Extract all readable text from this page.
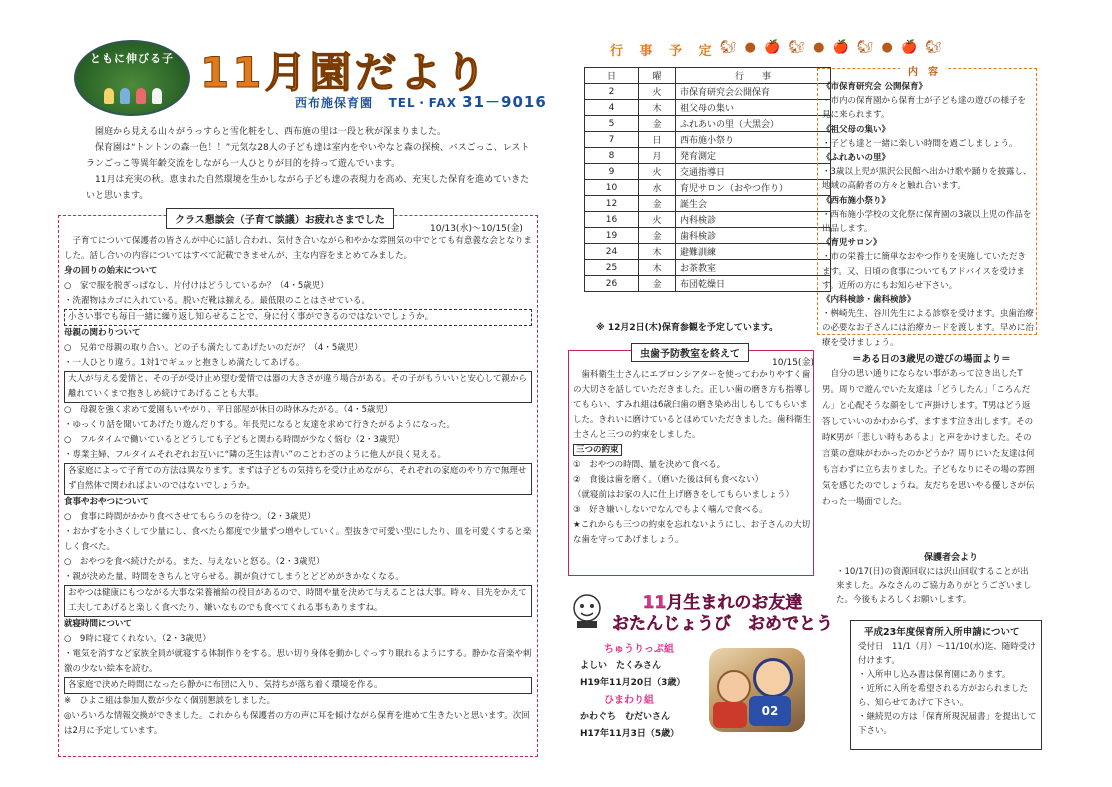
ともに伸びる子 11月園だより
西布施保育園 TEL・FAX 31－9016

園庭から見える山々がうっすらと雪化粧をし、西布施の里は一段と秋が深まりました。

保育園は“トントンの森一色！！”元気な28人の子ども達は室内をやいやなと森の探検、バスごっこ、レストランごっこ等異年齢交流をしながら一人ひとりが目的を持って遊んでいます。

11月は充実の秋。恵まれた自然環境を生かしながら子ども達の表現力を高め、充実した保育を進めていきたいと思います。

クラス懇談会（子育て談議）お疲れさまでした
10/13(水)〜10/15(金)
子育てについて保護者の皆さんが中心に話し合われ、気付き合いながら和やかな雰囲気の中でとても有意義な会となりました。話し合いの内容についてはすべて記載できませんが、主な内容をまとめてみました。
身の回りの始末について
○　家で服を脱ぎっぱなし、片付けはどうしているか？（4・5歳児）
・洗濯物はカゴに入れている。脱いだ靴は揃える。最低限のことはさせている。
小さい事でも毎日一緒に繰り返し知らせることで、身に付く事ができるのではないでしょうか。
母親の関わりついて
○　兄弟で母親の取り合い。どの子も満たしてあげたいのだが？（4・5歳児）
・一人ひとり違う。1対1でギュッと抱きしめ満たしてあげる。
大人が与える愛情と、その子が受け止め望む愛情では器の大きさが違う場合がある。その子がもういいと安心して親から離れていくまで抱きしめ続けてあげることも大事。
○　母親を強く求めて愛園もいやがり、平日部屋が休日の時休みたがる。（4・5歳児）
・ゆっくり話を聞いてあげたり遊んだりする。年長児になると友達を求めて行きたがるようになった。
○　フルタイムで働いているとどうしても子どもと関わる時間が少なく悩む（2・3歳児）
・専業主婦、フルタイムそれぞれお互いに“隣の芝生は青い”のことわざのように他人が良く見える。
各家庭によって子育ての方法は異なります。まずは子どもの気持ちを受け止めながら、それぞれの家庭のやり方で無理せず自然体で関わればよいのではないでしょうか。
食事やおやつについて
○　食事に時間がかかり食べさせてもらうのを待つ。（2・3歳児）
・おかずを小さくして少量にし、食べたら都度で少量ずつ増やしていく。型抜きで可愛い型にしたり、皿を可愛くすると楽しく食べた。
○　おやつを食べ続けたがる。また、与えないと怒る。（2・3歳児）
・親が決めた量、時間をきちんと守らせる。親が負けてしまうとどどめがきかなくなる。
おやつは健康にもつながる大事な栄養補給の役目があるので、時間や量を決めて与えることは大事。時々、目先をかえて工夫してあげると楽しく食べたり、嫌いなものでも食べてくれる事もありますね。
就寝時間について
○　9時に寝てくれない。（2・3歳児）
・電気を消すなど家族全員が就寝する体制作りをする。思い切り身体を動かしぐっすり眠れるようにする。静かな音楽や刺激の少ない絵本を読む。
各家庭で決めた時間になったら静かに布団に入り、気持ちが落ち着く環境を作る。
※　ひよこ組は参加人数が少なく個別懇談をしました。
◎いろいろな情報交換ができました。これからも保護者の方の声に耳を傾けながら保育を進めて生きたいと思います。次回は2月に予定しています。
行 事 予 定 🐿 ● 🍎 🐿 ● 🍎 🐿 ● 🍎 🐿
日	曜	行　　事
2	火	市保育研究会公開保育
4	木	祖父母の集い
5	金	ふれあいの里（大黒会）
7	日	西布施小祭り
8	月	発育測定
9	火	交通指導日
10	水	育児サロン（おやつ作り）
12	金	誕生会
16	火	内科検診
19	金	歯科検診
24	木	避難訓練
25	木	お茶教室
26	金	布団乾燥日
※ 12月2日(木)保育参観を予定しています。
内　容
《市保育研究会 公開保育》
・市内の保育園から保育士が子ども達の遊びの様子を見に来られます。
《祖父母の集い》
・子ども達と一緒に楽しい時間を過ごしましょう。
《ふれあいの里》
・3歳以上児が黒沢公民館へ出かけ歌や踊りを披露し、地域の高齢者の方々と触れ合います。
《西布施小祭り》
・西布施小学校の文化祭に保育園の3歳以上児の作品を出品します。
《育児サロン》
・市の栄養士に簡単なおやつ作りを実施していただきます。又、日頃の食事についてもアドバイスを受けます。近所の方にもお知らせ下さい。
《内科検診・歯科検診》
・桝崎先生、谷川先生による診察を受けます。虫歯治療の必要なお子さんには治療カードを渡します。早めに治療を受けましょう。
虫歯予防教室を終えて
10/15(金)
歯科衛生士さんにエプロンシアターを使ってわかりやすく歯の大切さを話していただきました。正しい歯の磨き方も指導してもらい、すみれ組は6歳臼歯の磨き染め出しもしてもらいました。きれいに磨けているとほめていただきました。歯科衛生士さんと三つの約束をしました。
三つの約束
①　おやつの時間、量を決めて食べる。
②　食後は歯を磨く。（磨いた後は何も食べない）
（就寝前はお家の人に仕上げ磨きをしてもらいましょう）
③　好き嫌いしないでなんでもよく噛んで食べる。
★これからも三つの約束を忘れないようにし、お子さんの大切な歯を守ってあげましょう。
＝ある日の3歳児の遊びの場面より＝
自分の思い通りにならない事があって泣き出したT男。周りで遊んでいた友達は「どうしたん」「ころんだん」と心配そうな顔をして声掛けします。T男はどう返答していいのかわからず、ますます泣き出します。その時K男が「悲しい時もあるよ」と声をかけました。その言葉の意味がわかったのかどうか？周りにいた友達は何も言わずに立ち去りました。子どもなりにその場の雰囲気を感じたのでしょうね。友だちを思いやる優しさが伝わった一場面でした。
保護者会より
・10/17(日)の資源回収には沢山回収することが出来ました。みなさんのご協力ありがとうございました。今後もよろしくお願いします。
11月生まれのお友達
おたんじょうび　おめでとう
ちゅうりっぷ組
よしい　たくみさん
H19年11月20日（3歳）
ひまわり組
かわぐち　むだいさん
H17年11月3日（5歳）
02
平成23年度保育所入所申請について
受付日　11/1（月）〜11/10(水)迄、随時受け付けます。
・入所申し込み書は保育園にあります。
・近所に入所を希望される方がおられましたら、知らせてあげて下さい。
・継続児の方は「保育所現況届書」を提出して下さい。
